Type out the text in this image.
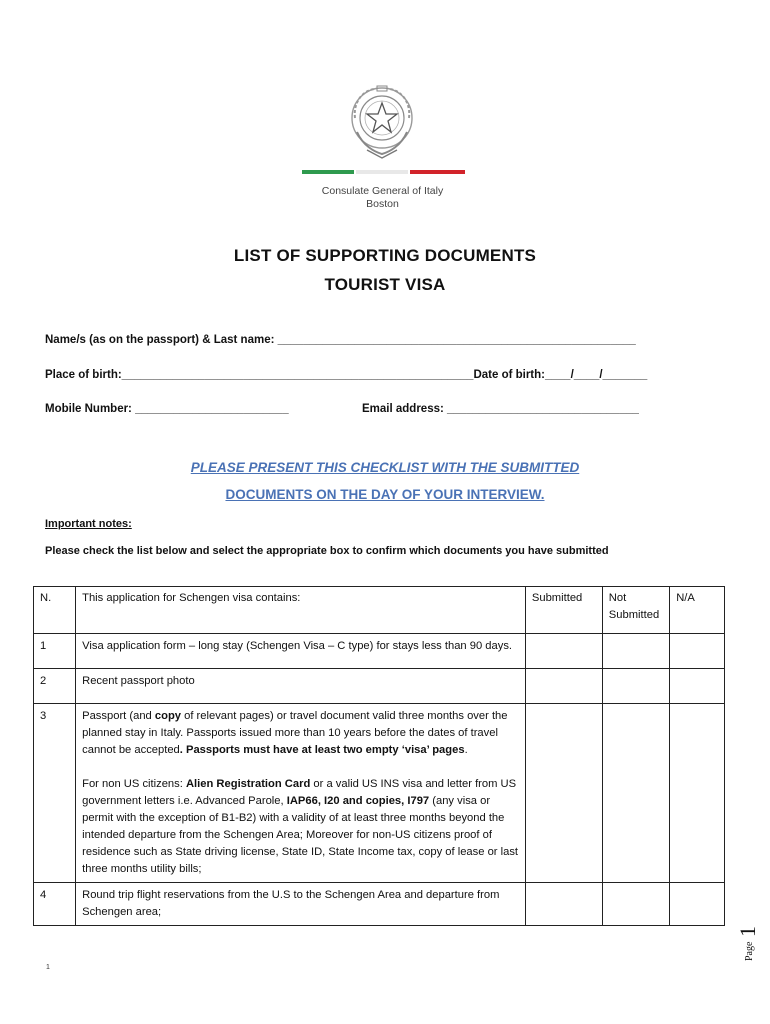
Consulate General of Italy
Boston
LIST OF SUPPORTING DOCUMENTS
TOURIST VISA
Name/s (as on the passport) & Last name: ________________________________________________________
Place of birth:_______________________________________________________Date of birth:____/____/_______
Mobile Number: ________________________	Email address: ______________________________
PLEASE PRESENT THIS CHECKLIST WITH THE SUBMITTED
DOCUMENTS ON THE DAY OF YOUR INTERVIEW.
Important notes:
Please check the list below and select the appropriate box to confirm which documents you have submitted
N.	This application for Schengen visa contains:	Submitted	Not Submitted	N/A
1	Visa application form – long stay (Schengen Visa – C type) for stays less than 90 days.			
2	Recent passport photo			
3	Passport (and copy of relevant pages) or travel document valid three months over the planned stay in Italy. Passports issued more than 10 years before the dates of travel cannot be accepted. Passports must have at least two empty ‘visa’ pages.

For non US citizens: Alien Registration Card or a valid US INS visa and letter from US government letters i.e. Advanced Parole, IAP66, I20 and copies, I797 (any visa or permit with the exception of B1-B2) with a validity of at least three months beyond the intended departure from the Schengen Area; Moreover for non-US citizens proof of residence such as State driving license, State ID, State Income tax, copy of lease or last three months utility bills;			

4	Round trip flight reservations from the U.S to the Schengen Area and departure from Schengen area;			
Page
1
1
